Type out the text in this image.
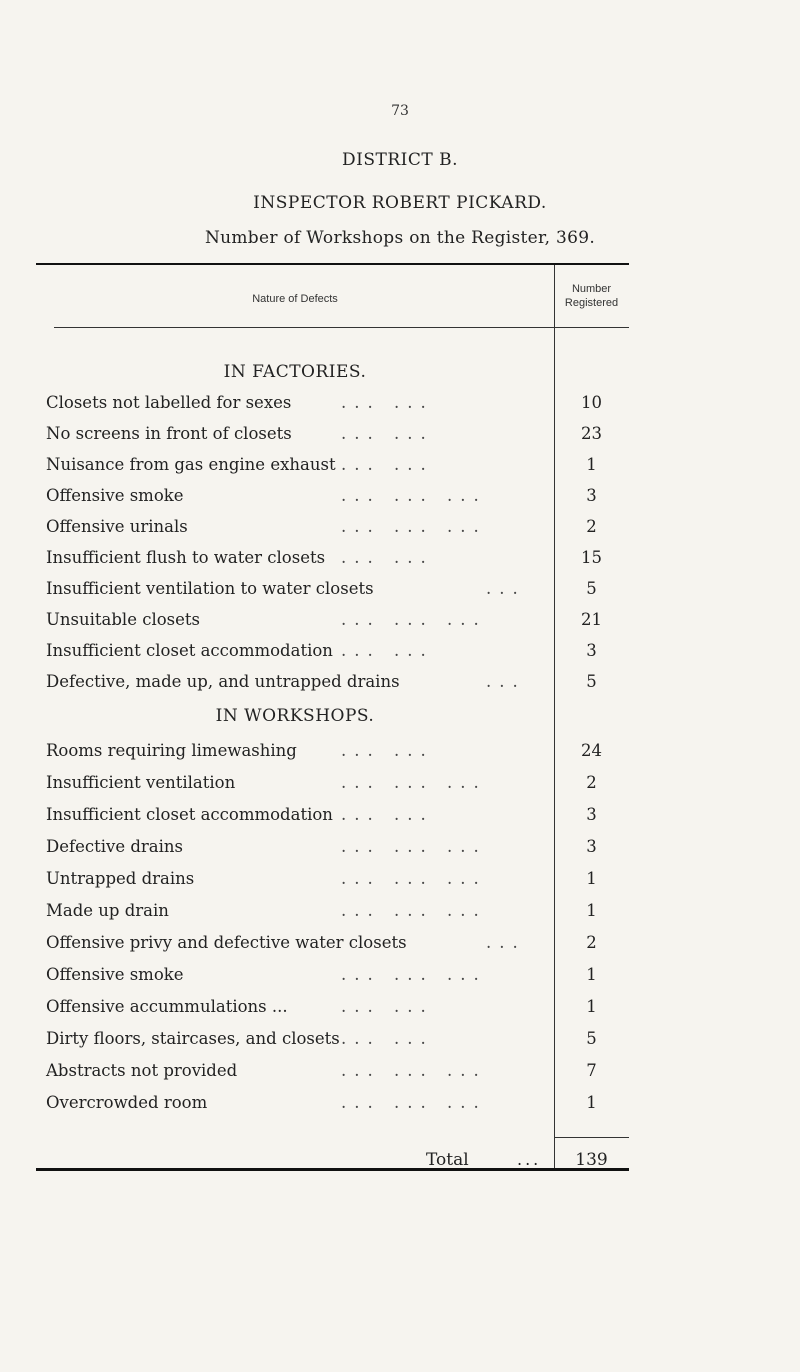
73
DISTRICT B.
INSPECTOR ROBERT PICKARD.
Number of Workshops on the Register, 369.
Nature of Defects
Number
Registered
IN FACTORIES.
Closets not labelled for sexes	... ...	10
No screens in front of closets	... ...	23
Nuisance from gas engine exhaust ... ...	1
Offensive smoke	... ... ...	3
Offensive urinals	... ... ...	2
Insufficient flush to water closets ... ...	15
Insufficient ventilation to water closets	...	5
Unsuitable closets	... ... ...	21
Insufficient closet accommodation ... ...	3
Defective, made up, and untrapped drains	...	5
IN WORKSHOPS.
Rooms requiring limewashing	... ...	24
Insufficient ventilation	... ... ...	2
Insufficient closet accommodation ... ...	3
Defective drains	... ... ...	3
Untrapped drains	... ... ...	1
Made up drain	... ... ...	1
Offensive privy and defective water closets	...	2
Offensive smoke	... ... ...	1
Offensive accummulations ...	... ...	1
Dirty floors, staircases, and closets ... ...	5
Abstracts not provided	... ... ...	7
Overcrowded room	... ... ...	1
Total	...	139
